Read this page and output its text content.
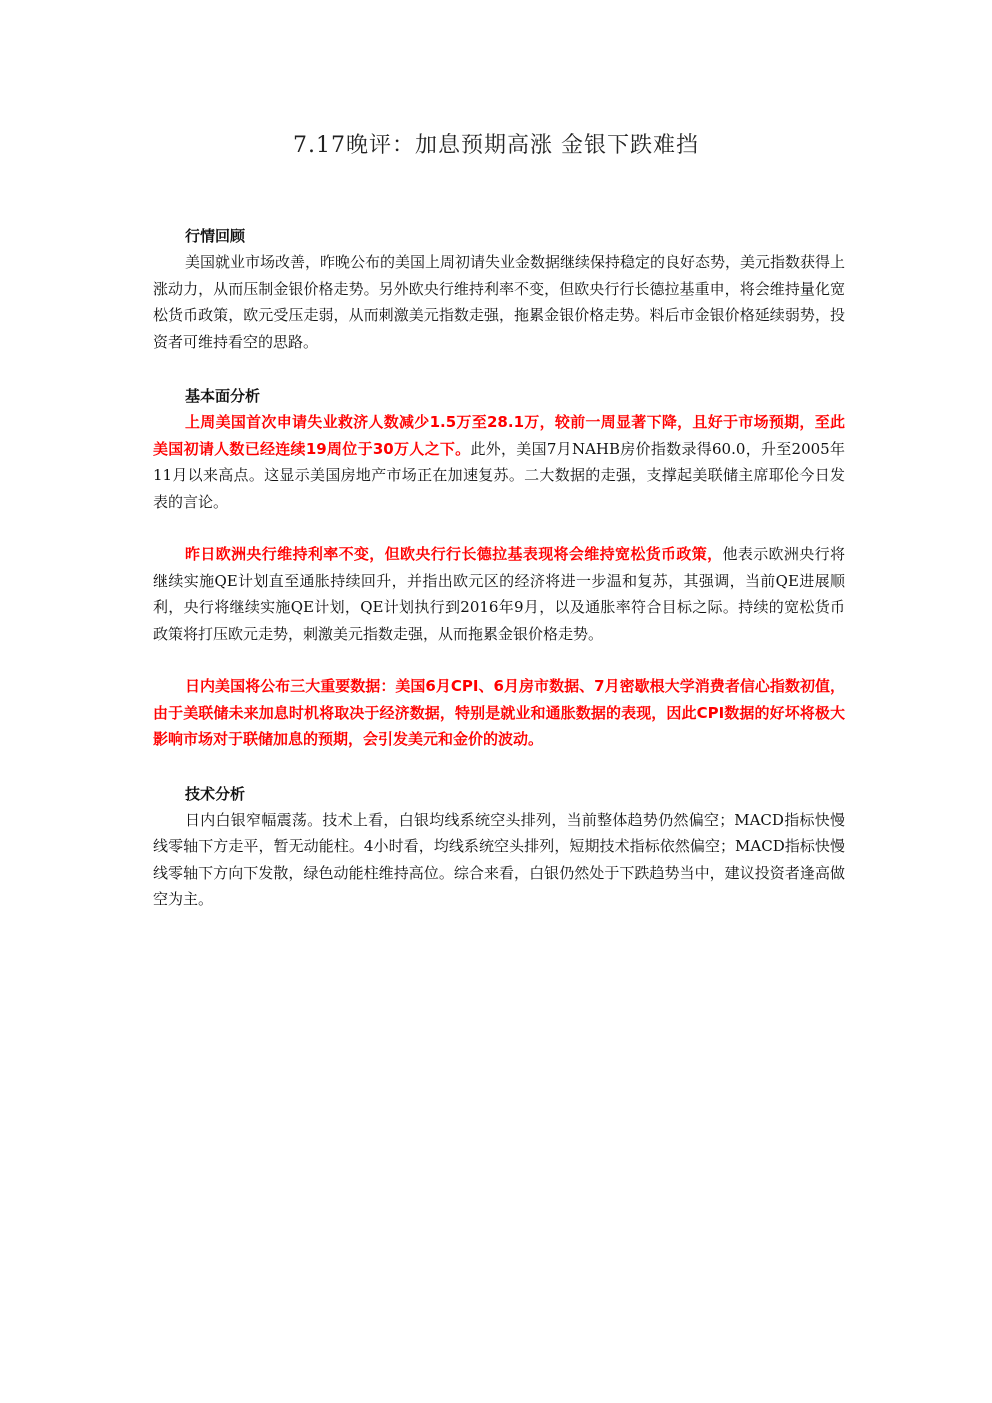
7.17晚评：加息预期高涨 金银下跌难挡
行情回顾

美国就业市场改善，昨晚公布的美国上周初请失业金数据继续保持稳定的良好态势，美元指数获得上涨动力，从而压制金银价格走势。另外欧央行维持利率不变，但欧央行行长德拉基重申，将会维持量化宽松货币政策，欧元受压走弱，从而刺激美元指数走强，拖累金银价格走势。料后市金银价格延续弱势，投资者可维持看空的思路。

基本面分析

上周美国首次申请失业救济人数减少1.5万至28.1万，较前一周显著下降，且好于市场预期，至此美国初请人数已经连续19周位于30万人之下。此外，美国7月NAHB房价指数录得60.0，升至2005年11月以来高点。这显示美国房地产市场正在加速复苏。二大数据的走强，支撑起美联储主席耶伦今日发表的言论。

昨日欧洲央行维持利率不变，但欧央行行长德拉基表现将会维持宽松货币政策，他表示欧洲央行将继续实施QE计划直至通胀持续回升，并指出欧元区的经济将进一步温和复苏，其强调，当前QE进展顺利，央行将继续实施QE计划，QE计划执行到2016年9月，以及通胀率符合目标之际。持续的宽松货币政策将打压欧元走势，刺激美元指数走强，从而拖累金银价格走势。

日内美国将公布三大重要数据：美国6月CPI、6月房市数据、7月密歇根大学消费者信心指数初值，由于美联储未来加息时机将取决于经济数据，特别是就业和通胀数据的表现，因此CPI数据的好坏将极大影响市场对于联储加息的预期，会引发美元和金价的波动。

技术分析

日内白银窄幅震荡。技术上看，白银均线系统空头排列，当前整体趋势仍然偏空；MACD指标快慢线零轴下方走平，暂无动能柱。4小时看，均线系统空头排列，短期技术指标依然偏空；MACD指标快慢线零轴下方向下发散，绿色动能柱维持高位。综合来看，白银仍然处于下跌趋势当中，建议投资者逢高做空为主。
